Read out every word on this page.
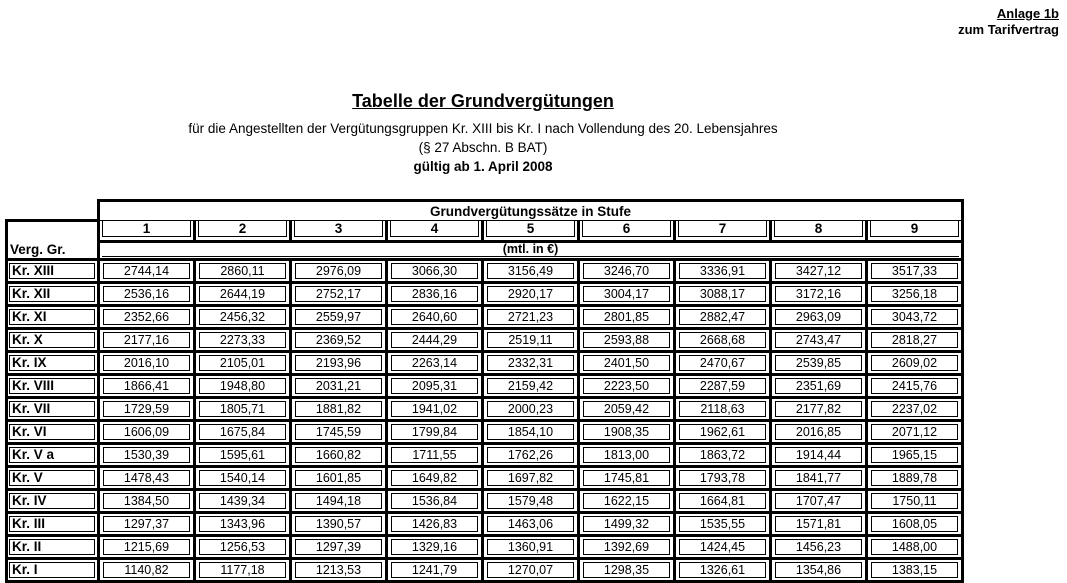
Anlage 1b
zum Tarifvertrag
Tabelle der Grundvergütungen
für die Angestellten der Vergütungsgruppen Kr. XIII bis Kr. I nach Vollendung des 20. Lebensjahres
(§ 27 Abschn. B BAT)
gültig ab 1. April 2008
	Grundvergütungssätze in Stufe								
Verg. Gr.	1	2	3	4	5	6	7	8	9

	(mtl. in €)								

Kr. XIII	2744,14	2860,11	2976,09	3066,30	3156,49	3246,70	3336,91	3427,12	3517,33

Kr. XII	2536,16	2644,19	2752,17	2836,16	2920,17	3004,17	3088,17	3172,16	3256,18

Kr. XI	2352,66	2456,32	2559,97	2640,60	2721,23	2801,85	2882,47	2963,09	3043,72

Kr. X	2177,16	2273,33	2369,52	2444,29	2519,11	2593,88	2668,68	2743,47	2818,27

Kr. IX	2016,10	2105,01	2193,96	2263,14	2332,31	2401,50	2470,67	2539,85	2609,02

Kr. VIII	1866,41	1948,80	2031,21	2095,31	2159,42	2223,50	2287,59	2351,69	2415,76

Kr. VII	1729,59	1805,71	1881,82	1941,02	2000,23	2059,42	2118,63	2177,82	2237,02

Kr. VI	1606,09	1675,84	1745,59	1799,84	1854,10	1908,35	1962,61	2016,85	2071,12

Kr. V a	1530,39	1595,61	1660,82	1711,55	1762,26	1813,00	1863,72	1914,44	1965,15

Kr. V	1478,43	1540,14	1601,85	1649,82	1697,82	1745,81	1793,78	1841,77	1889,78

Kr. IV	1384,50	1439,34	1494,18	1536,84	1579,48	1622,15	1664,81	1707,47	1750,11

Kr. III	1297,37	1343,96	1390,57	1426,83	1463,06	1499,32	1535,55	1571,81	1608,05

Kr. II	1215,69	1256,53	1297,39	1329,16	1360,91	1392,69	1424,45	1456,23	1488,00

Kr. I	1140,82	1177,18	1213,53	1241,79	1270,07	1298,35	1326,61	1354,86	1383,15
